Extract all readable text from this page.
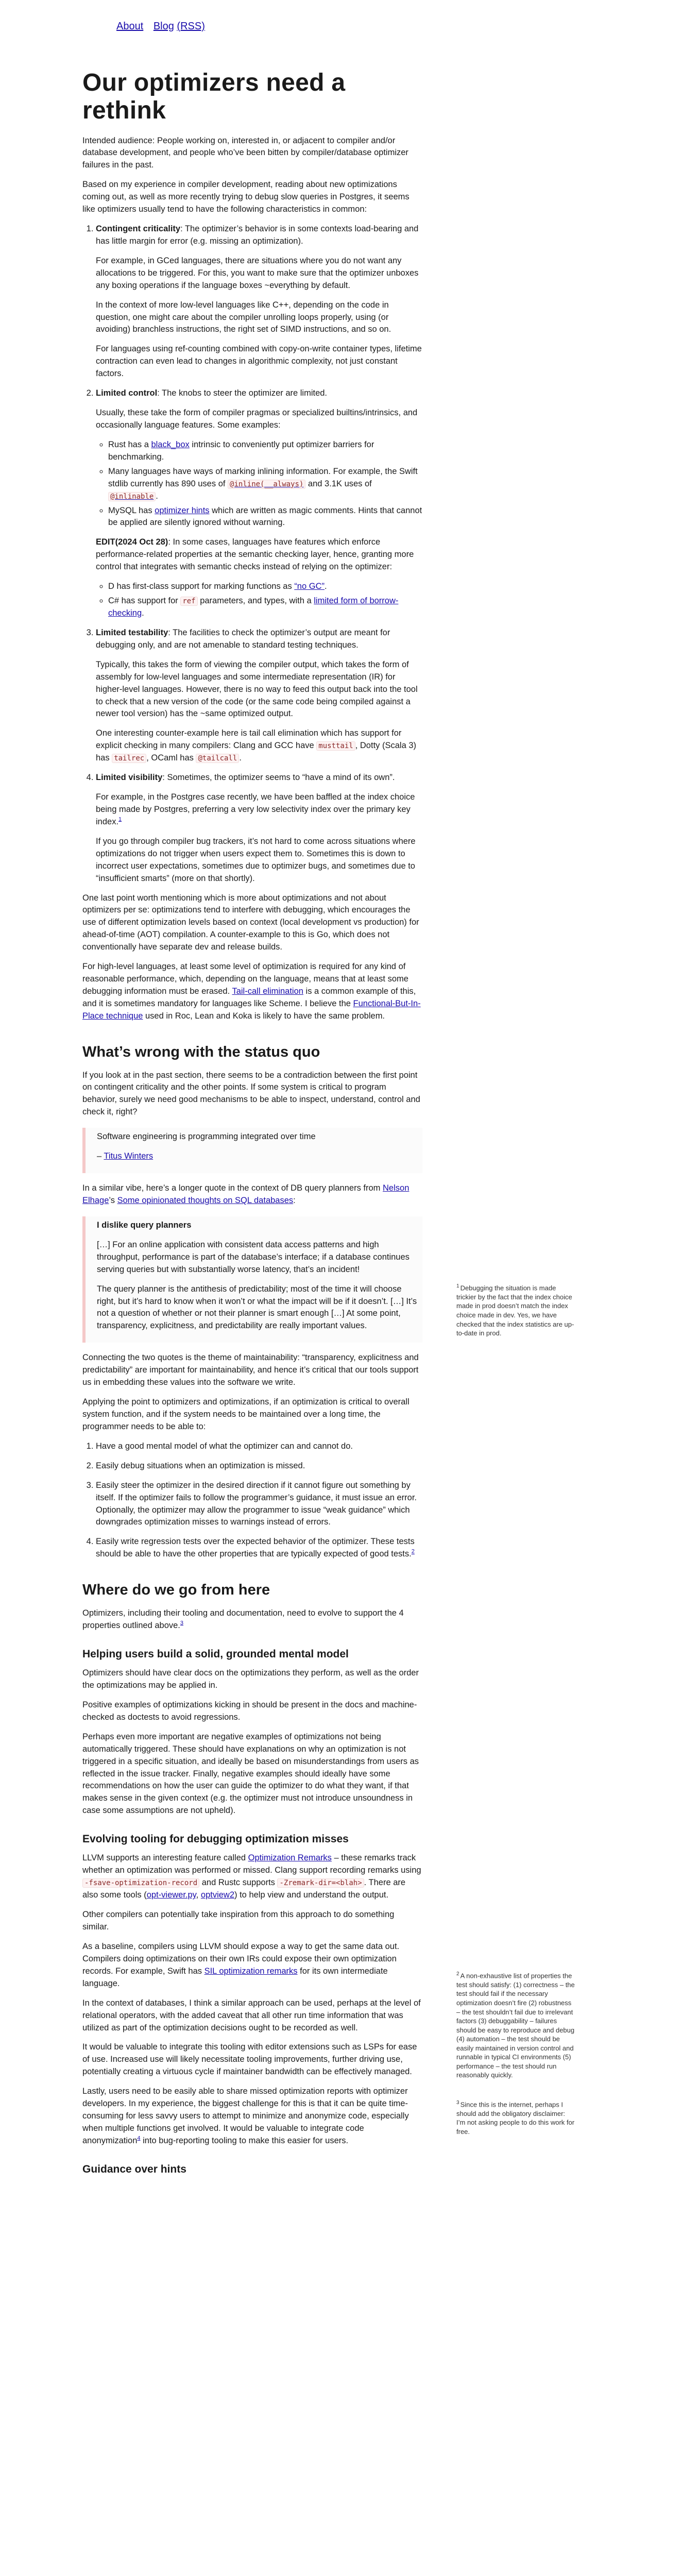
About Blog (RSS)
Our optimizers need a rethink

Intended audience: People working on, interested in, or adjacent to compiler and/or database development, and people who’ve been bitten by compiler/database optimizer failures in the past.

Based on my experience in compiler development, reading about new optimizations coming out, as well as more recently trying to debug slow queries in Postgres, it seems like optimizers usually tend to have the following characteristics in common:

1. Contingent criticality: The optimizer’s behavior is in some contexts load-bearing and has little margin for error (e.g. missing an optimization).

For example, in GCed languages, there are situations where you do not want any allocations to be triggered. For this, you want to make sure that the optimizer unboxes any boxing operations if the language boxes ~everything by default.

In the context of more low-level languages like C++, depending on the code in question, one might care about the compiler unrolling loops properly, using (or avoiding) branchless instructions, the right set of SIMD instructions, and so on.

For languages using ref-counting combined with copy-on-write container types, lifetime contraction can even lead to changes in algorithmic complexity, not just constant factors.

2. Limited control: The knobs to steer the optimizer are limited.

Usually, these take the form of compiler pragmas or specialized builtins/intrinsics, and occasionally language features. Some examples:

◦ Rust has a black_box intrinsic to conveniently put optimizer barriers for benchmarking.
◦ Many languages have ways of marking inlining information. For example, the Swift stdlib currently has 890 uses of @inline(__always) and 3.1K uses of @inlinable .
◦ MySQL has optimizer hints which are written as magic comments. Hints that cannot be applied are silently ignored without warning.

EDIT(2024 Oct 28): In some cases, languages have features which enforce performance-related properties at the semantic checking layer, hence, granting more control that integrates with semantic checks instead of relying on the optimizer:

◦ D has first-class support for marking functions as “no GC”.
◦ C# has support for ref parameters, and types, with a limited form of borrow-checking.

3. Limited testability: The facilities to check the optimizer’s output are meant for debugging only, and are not amenable to standard testing techniques.

Typically, this takes the form of viewing the compiler output, which takes the form of assembly for low-level languages and some intermediate representation (IR) for higher-level languages. However, there is no way to feed this output back into the tool to check that a new version of the code (or the same code being compiled against a newer tool version) has the ~same optimized output.

One interesting counter-example here is tail call elimination which has support for explicit checking in many compilers: Clang and GCC have musttail , Dotty (Scala 3) has tailrec , OCaml has @tailcall .

4. Limited visibility: Sometimes, the optimizer seems to “have a mind of its own”.

For example, in the Postgres case recently, we have been baffled at the index choice being made by Postgres, preferring a very low selectivity index over the primary key index.$^1$

If you go through compiler bug trackers, it’s not hard to come across situations where optimizations do not trigger when users expect them to. Sometimes this is down to incorrect user expectations, sometimes due to optimizer bugs, and sometimes due to “insufficient smarts” (more on that shortly).

One last point worth mentioning which is more about optimizations and not about optimizers per se: optimizations tend to interfere with debugging, which encourages the use of different optimization levels based on context (local development vs production) for ahead-of-time (AOT) compilation. A counter-example to this is Go, which does not conventionally have separate dev and release builds.

For high-level languages, at least some level of optimization is required for any kind of reasonable performance, which, depending on the language, means that at least some debugging information must be erased. Tail-call elimination is a common example of this, and it is sometimes mandatory for languages like Scheme. I believe the Functional-But-In-Place technique used in Roc, Lean and Koka is likely to have the same problem.

What’s wrong with the status quo

If you look at in the past section, there seems to be a contradiction between the first point on contingent criticality and the other points. If some system is critical to program behavior, surely we need good mechanisms to be able to inspect, understand, control and check it, right?

Software engineering is programming integrated over time

– Titus Winters

In a similar vibe, here’s a longer quote in the context of DB query planners from Nelson Elhage’s Some opinionated thoughts on SQL databases:

I dislike query planners

[…] For an online application with consistent data access patterns and high throughput, performance is part of the database’s interface; if a database continues serving queries but with substantially worse latency, that’s an incident!

The query planner is the antithesis of predictability; most of the time it will choose right, but it’s hard to know when it won’t or what the impact will be if it doesn’t. […] It’s not a question of whether or not their planner is smart enough […] At some point, transparency, explicitness, and predictability are really important values.

Connecting the two quotes is the theme of maintainability: “transparency, explicitness and predictability” are important for maintainability, and hence it’s critical that our tools support us in embedding these values into the software we write.

Applying the point to optimizers and optimizations, if an optimization is critical to overall system function, and if the system needs to be maintained over a long time, the programmer needs to be able to:

1. Have a good mental model of what the optimizer can and cannot do.
2. Easily debug situations when an optimization is missed.
3. Easily steer the optimizer in the desired direction if it cannot figure out something by itself. If the optimizer fails to follow the programmer’s guidance, it must issue an error. Optionally, the optimizer may allow the programmer to issue “weak guidance” which downgrades optimization misses to warnings instead of errors.
4. Easily write regression tests over the expected behavior of the optimizer. These tests should be able to have the other properties that are typically expected of good tests.$^2$
Where do we go from here

Optimizers, including their tooling and documentation, need to evolve to support the 4 properties outlined above.$^3$

Helping users build a solid, grounded mental model

Optimizers should have clear docs on the optimizations they perform, as well as the order the optimizations may be applied in.

Positive examples of optimizations kicking in should be present in the docs and machine-checked as doctests to avoid regressions.

Perhaps even more important are negative examples of optimizations not being automatically triggered. These should have explanations on why an optimization is not triggered in a specific situation, and ideally be based on misunderstandings from users as reflected in the issue tracker. Finally, negative examples should ideally have some recommendations on how the user can guide the optimizer to do what they want, if that makes sense in the given context (e.g. the optimizer must not introduce unsoundness in case some assumptions are not upheld).

Evolving tooling for debugging optimization misses

LLVM supports an interesting feature called Optimization Remarks – these remarks track whether an optimization was performed or missed. Clang support recording remarks using -fsave-optimization-record and Rustc supports -Zremark-dir=<blah> . There are also some tools (opt-viewer.py, optview2) to help view and understand the output.

Other compilers can potentially take inspiration from this approach to do something similar.

As a baseline, compilers using LLVM should expose a way to get the same data out. Compilers doing optimizations on their own IRs could expose their own optimization records. For example, Swift has SIL optimization remarks for its own intermediate language.

In the context of databases, I think a similar approach can be used, perhaps at the level of relational operators, with the added caveat that all other run time information that was utilized as part of the optimization decisions ought to be recorded as well.

It would be valuable to integrate this tooling with editor extensions such as LSPs for ease of use. Increased use will likely necessitate tooling improvements, further driving use, potentially creating a virtuous cycle if maintainer bandwidth can be effectively managed.

Lastly, users need to be easily able to share missed optimization reports with optimizer developers. In my experience, the biggest challenge for this is that it can be quite time-consuming for less savvy users to attempt to minimize and anonymize code, especially when multiple functions get involved. It would be valuable to integrate code anonymization$^4$ into bug-reporting tooling to make this easier for users.

Guidance over hints
$^1$ Debugging the situation is made trickier by the fact that the index choice made in prod doesn’t match the index choice made in dev. Yes, we have checked that the index statistics are up-to-date in prod.
$^2$ A non-exhaustive list of properties the test should satisfy: (1) correctness – the test should fail if the necessary optimization doesn’t fire (2) robustness – the test shouldn’t fail due to irrelevant factors (3) debuggability – failures should be easy to reproduce and debug (4) automation – the test should be easily maintained in version control and runnable in typical CI environments (5) performance – the test should run reasonably quickly.
$^3$ Since this is the internet, perhaps I should add the obligatory disclaimer: I’m not asking people to do this work for free.
